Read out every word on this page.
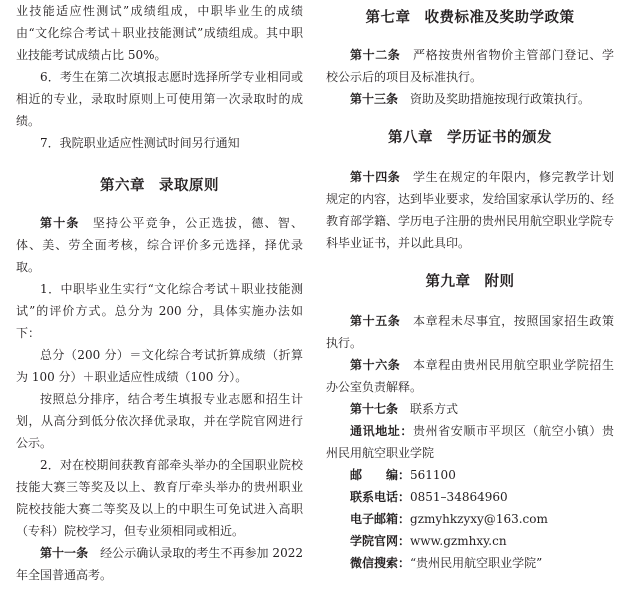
业技能适应性测试”成绩组成，中职毕业生的成绩由“文化综合考试＋职业技能测试”成绩组成。其中职业技能考试成绩占比 50%。

6．考生在第二次填报志愿时选择所学专业相同或相近的专业，录取时原则上可使用第一次录取时的成绩。

7．我院职业适应性测试时间另行通知

第六章 录取原则

第十条　 坚持公平竞争，公正选拔，德、智、体、美、劳全面考核，综合评价多元选择，择优录取。

1．中职毕业生实行“文化综合考试＋职业技能测试”的评价方式。总分为 200 分，具体实施办法如下：

总分（200 分）＝文化综合考试折算成绩（折算为 100 分）＋职业适应性成绩（100 分）。

按照总分排序，结合考生填报专业志愿和招生计划，从高分到低分依次择优录取，并在学院官网进行公示。

2．对在校期间获教育部牵头举办的全国职业院校技能大赛三等奖及以上、教育厅牵头举办的贵州职业院校技能大赛二等奖及以上的中职生可免试进入高职（专科）院校学习，但专业须相同或相近。

第十一条　 经公示确认录取的考生不再参加 2022 年全国普通高考。

第七章 收费标准及奖助学政策

第十二条　 严格按贵州省物价主管部门登记、学校公示后的项目及标准执行。

第十三条　 资助及奖助措施按现行政策执行。

第八章 学历证书的颁发

第十四条　 学生在规定的年限内，修完教学计划规定的内容，达到毕业要求，发给国家承认学历的、经教育部学籍、学历电子注册的贵州民用航空职业学院专科毕业证书，并以此具印。

第九章 附则

第十五条　 本章程未尽事宜，按照国家招生政策执行。

第十六条　 本章程由贵州民用航空职业学院招生办公室负责解释。

第十七条　 联系方式

通讯地址：贵州省安顺市平坝区（航空小镇）贵州民用航空职业学院

邮　　编：561100
联系电话：0851–34864960
电子邮箱：gzmyhkzyxy@163.com
学院官网：www.gzmhxy.cn
微信搜索：“贵州民用航空职业学院”
